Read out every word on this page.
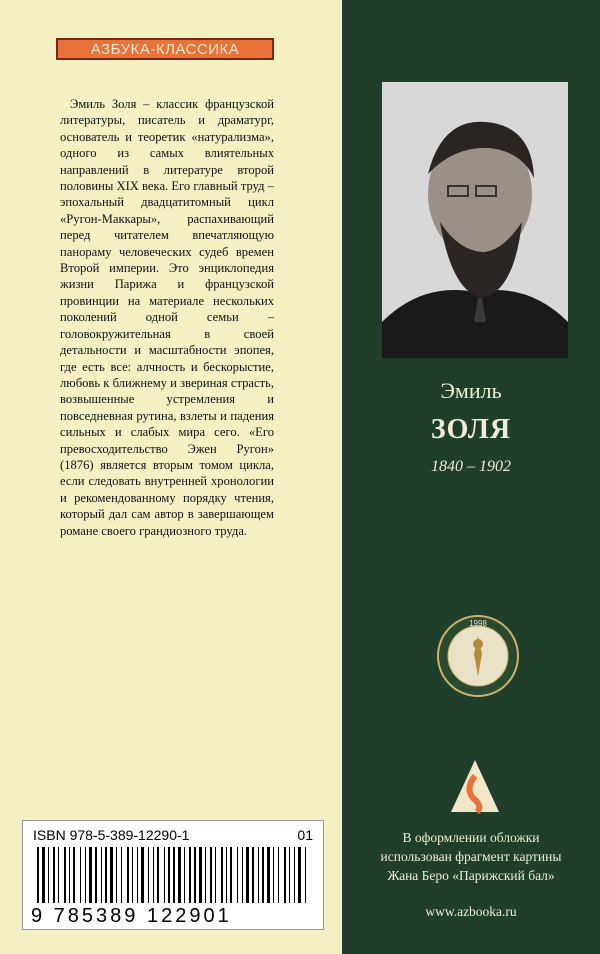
АЗБУКА-КЛАССИКА

Эмиль Золя – классик французской литературы, писатель и драматург, основатель и теоретик «натурализма», одного из самых влиятельных направлений в литературе второй половины XIX века. Его главный труд – эпохальный двадцатитомный цикл «Ругон-Маккары», распахивающий перед читателем впечатляющую панораму человеческих судеб времен Второй империи. Это энциклопедия жизни Парижа и французской провинции на материале нескольких поколений одной семьи – головокружительная в своей детальности и масштабности эпопея, где есть все: алчность и бескорыстие, любовь к ближнему и звериная страсть, возвышенные устремления и повседневная рутина, взлеты и падения сильных и слабых мира сего. «Его превосходительство Эжен Ругон» (1876) является вторым томом цикла, если следовать внутренней хронологии и рекомендованному порядку чтения, который дал сам автор в завершающем романе своего грандиозного труда.

ISBN 978-5-389-12290-1	01
9 785389 122901
Эмиль
ЗОЛЯ
1840 – 1902
1998

В оформлении обложки
использован фрагмент картины
Жана Беро «Парижский бал»

www.azbooka.ru
